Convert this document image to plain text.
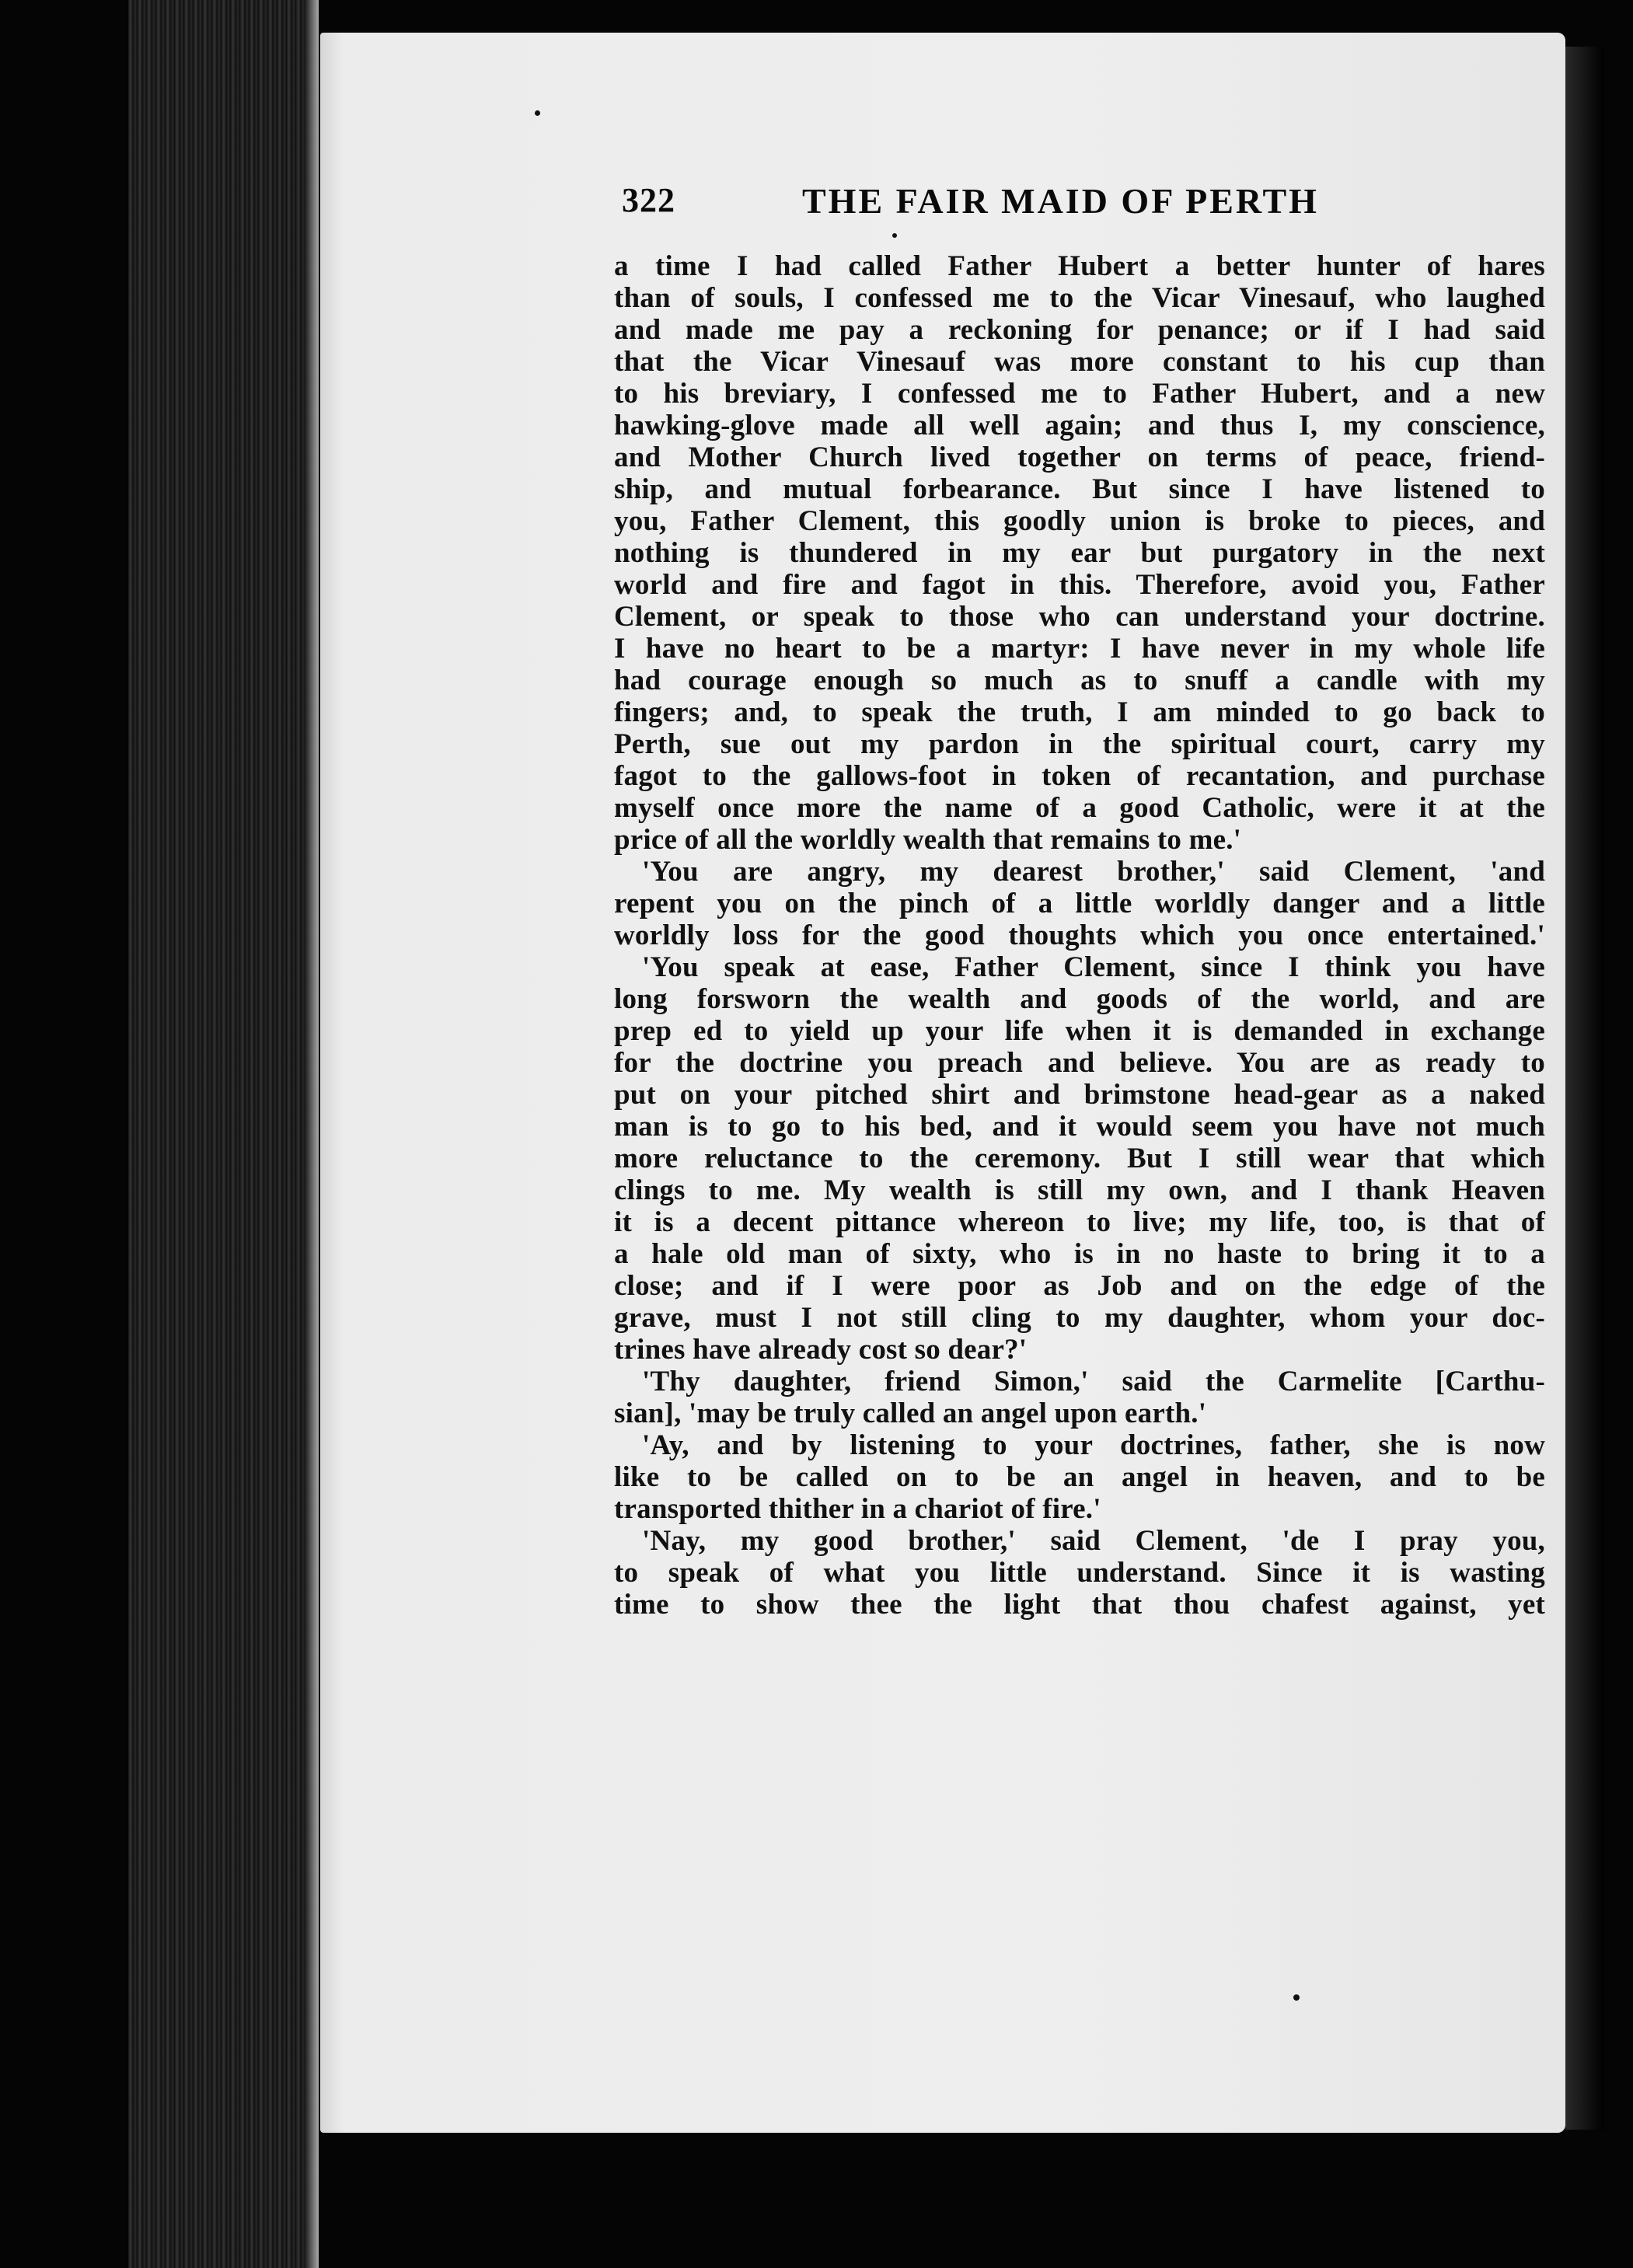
322	THE FAIR MAID OF PERTH
a time I had called Father Hubert a better hunter of hares
than of souls, I confessed me to the Vicar Vinesauf, who laughed
and made me pay a reckoning for penance; or if I had said
that the Vicar Vinesauf was more constant to his cup than
to his breviary, I confessed me to Father Hubert, and a new
hawking-glove made all well again; and thus I, my conscience,
and Mother Church lived together on terms of peace, friend-
ship, and mutual forbearance. But since I have listened to
you, Father Clement, this goodly union is broke to pieces, and
nothing is thundered in my ear but purgatory in the next
world and fire and fagot in this. Therefore, avoid you, Father
Clement, or speak to those who can understand your doctrine.
I have no heart to be a martyr: I have never in my whole life
had courage enough so much as to snuff a candle with my
fingers; and, to speak the truth, I am minded to go back to
Perth, sue out my pardon in the spiritual court, carry my
fagot to the gallows-foot in token of recantation, and purchase
myself once more the name of a good Catholic, were it at the
price of all the worldly wealth that remains to me.'
'You are angry, my dearest brother,' said Clement, 'and
repent you on the pinch of a little worldly danger and a little
worldly loss for the good thoughts which you once entertained.'
'You speak at ease, Father Clement, since I think you have
long forsworn the wealth and goods of the world, and are
prep ed to yield up your life when it is demanded in exchange
for the doctrine you preach and believe. You are as ready to
put on your pitched shirt and brimstone head-gear as a naked
man is to go to his bed, and it would seem you have not much
more reluctance to the ceremony. But I still wear that which
clings to me. My wealth is still my own, and I thank Heaven
it is a decent pittance whereon to live; my life, too, is that of
a hale old man of sixty, who is in no haste to bring it to a
close; and if I were poor as Job and on the edge of the
grave, must I not still cling to my daughter, whom your doc-
trines have already cost so dear?'
'Thy daughter, friend Simon,' said the Carmelite [Carthu-
sian], 'may be truly called an angel upon earth.'
'Ay, and by listening to your doctrines, father, she is now
like to be called on to be an angel in heaven, and to be
transported thither in a chariot of fire.'
'Nay, my good brother,' said Clement, 'de I pray you,
to speak of what you little understand. Since it is wasting
time to show thee the light that thou chafest against, yet
